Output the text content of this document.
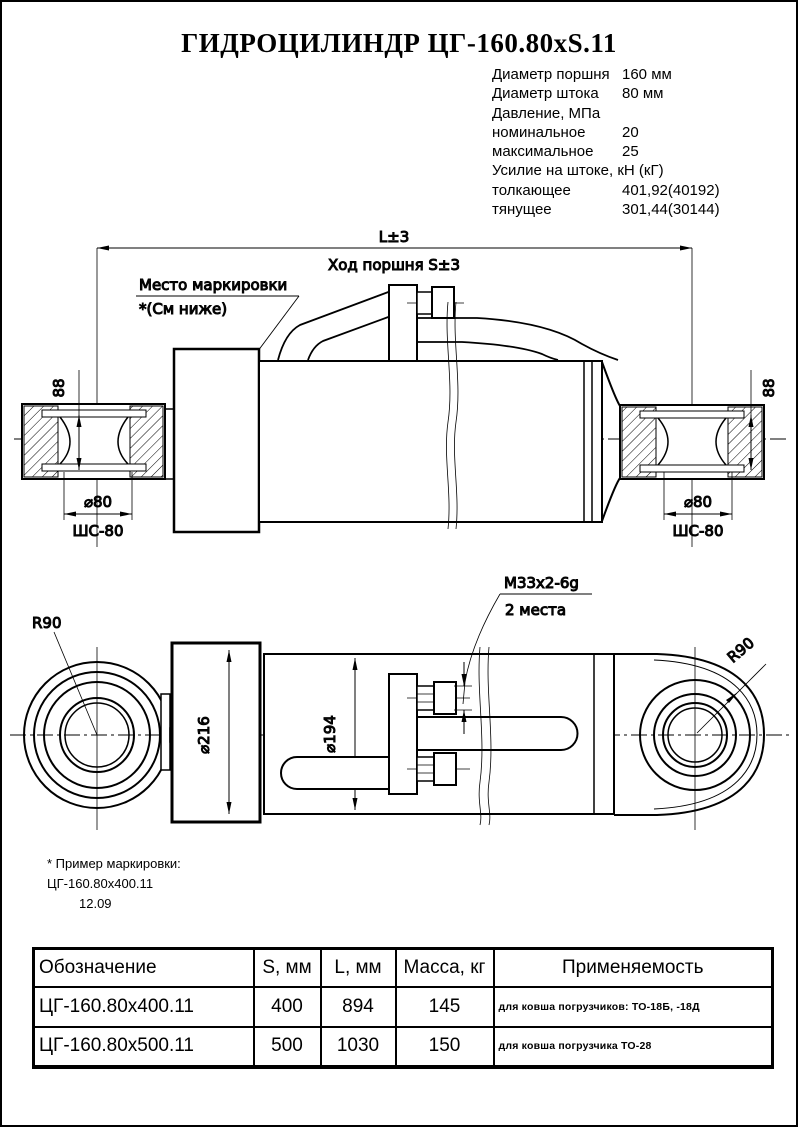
ГИДРОЦИЛИНДР ЦГ-160.80хS.11
Диаметр поршня 160 мм
Диаметр штока	80 мм
Давление, МПа
номинальное	20
максимальное	25
Усилие на штоке, кН (кГ)
толкающее	401,92(40192)
тянущее	301,44(30144)
L±3
Ход поршня S±3
Место маркировки
*(См ниже)
⌀80
ШС-80
88
⌀80
ШС-80
88
R90
⌀216	⌀194
M33x2-6g
2 места
R90
* Пример маркировки:
ЦГ-160.80х400.11
12.09
Обозначение	S, мм	L, мм	Масса, кг	Применяемость
ЦГ-160.80х400.11	400	894	145	для ковша погрузчиков: ТО-18Б, -18Д
ЦГ-160.80х500.11	500	1030	150	для ковша погрузчика ТО-28
